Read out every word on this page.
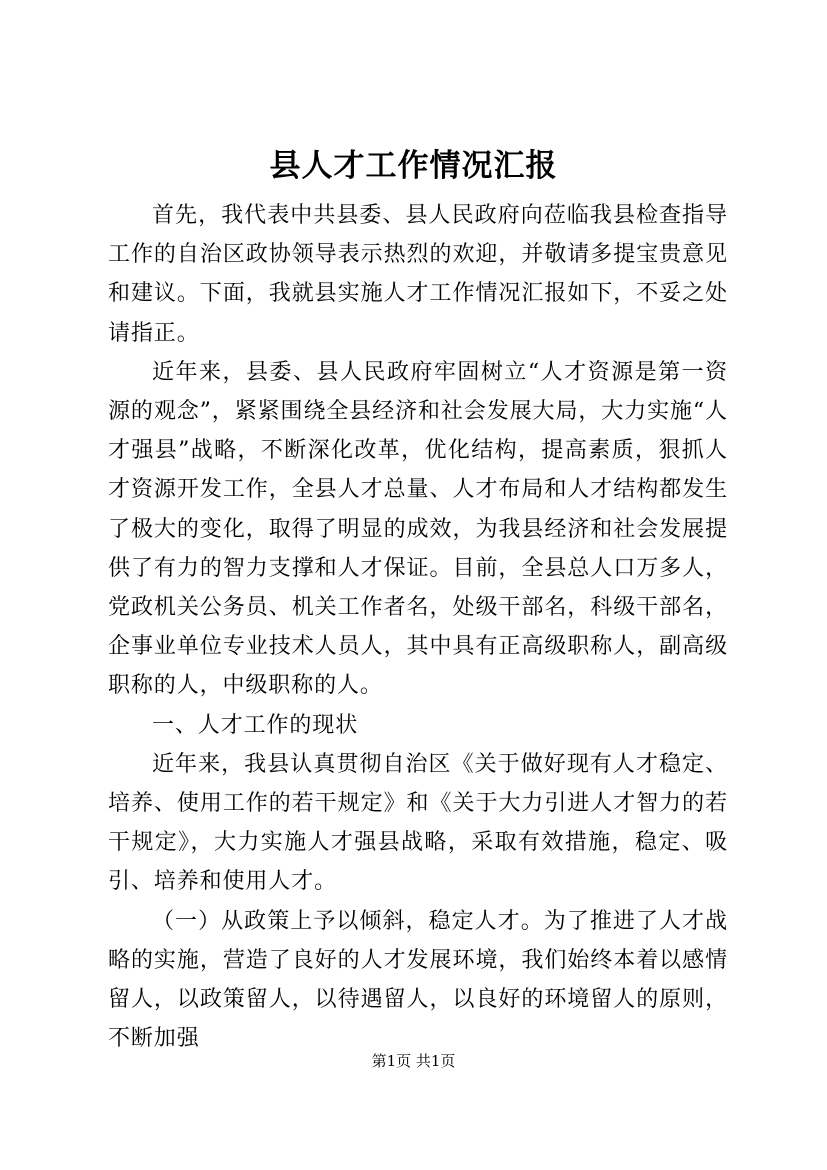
县人才工作情况汇报

首先，我代表中共县委、县人民政府向莅临我县检查指导工作的自治区政协领导表示热烈的欢迎，并敬请多提宝贵意见和建议。下面，我就县实施人才工作情况汇报如下，不妥之处请指正。

近年来，县委、县人民政府牢固树立“人才资源是第一资源的观念”，紧紧围绕全县经济和社会发展大局，大力实施“人才强县”战略，不断深化改革，优化结构，提高素质，狠抓人才资源开发工作，全县人才总量、人才布局和人才结构都发生了极大的变化，取得了明显的成效，为我县经济和社会发展提供了有力的智力支撑和人才保证。目前，全县总人口万多人，党政机关公务员、机关工作者名，处级干部名，科级干部名，企事业单位专业技术人员人，其中具有正高级职称人，副高级职称的人，中级职称的人。

一、人才工作的现状

近年来，我县认真贯彻自治区《关于做好现有人才稳定、培养、使用工作的若干规定》和《关于大力引进人才智力的若干规定》，大力实施人才强县战略，采取有效措施，稳定、吸引、培养和使用人才。

（一）从政策上予以倾斜，稳定人才。为了推进了人才战略的实施，营造了良好的人才发展环境，我们始终本着以感情留人，以政策留人，以待遇留人，以良好的环境留人的原则，不断加强

第1页 共1页
